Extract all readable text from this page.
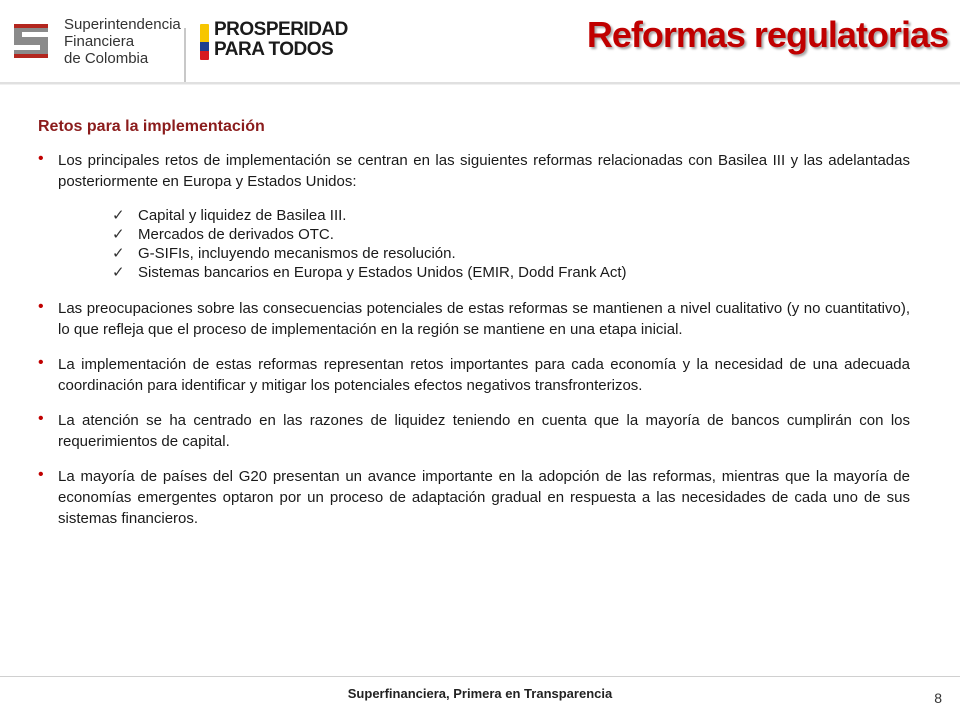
Superintendencia
Financiera
de Colombia
PROSPERIDAD
PARA TODOS	Reformas regulatorias
Retos para la implementación
• Los principales retos de implementación se centran en las siguientes reformas relacionadas con Basilea III y las adelantadas posteriormente en Europa y Estados Unidos:
✓ Capital y liquidez de Basilea III.
✓ Mercados de derivados OTC.
✓ G-SIFIs, incluyendo mecanismos de resolución.
✓ Sistemas bancarios en Europa y Estados Unidos (EMIR, Dodd Frank Act)
• Las preocupaciones sobre las consecuencias potenciales de estas reformas se mantienen a nivel cualitativo (y no cuantitativo), lo que refleja que el proceso de implementación en la región se mantiene en una etapa inicial.
• La implementación de estas reformas representan retos importantes para cada economía y la necesidad de una adecuada coordinación para identificar y mitigar los potenciales efectos negativos transfronterizos.
• La atención se ha centrado en las razones de liquidez teniendo en cuenta que la mayoría de bancos cumplirán con los requerimientos de capital.
• La mayoría de países del G20 presentan un avance importante en la adopción de las reformas, mientras que la mayoría de economías emergentes optaron por un proceso de adaptación gradual en respuesta a las necesidades de cada uno de sus sistemas financieros.
Superfinanciera, Primera en Transparencia	8
